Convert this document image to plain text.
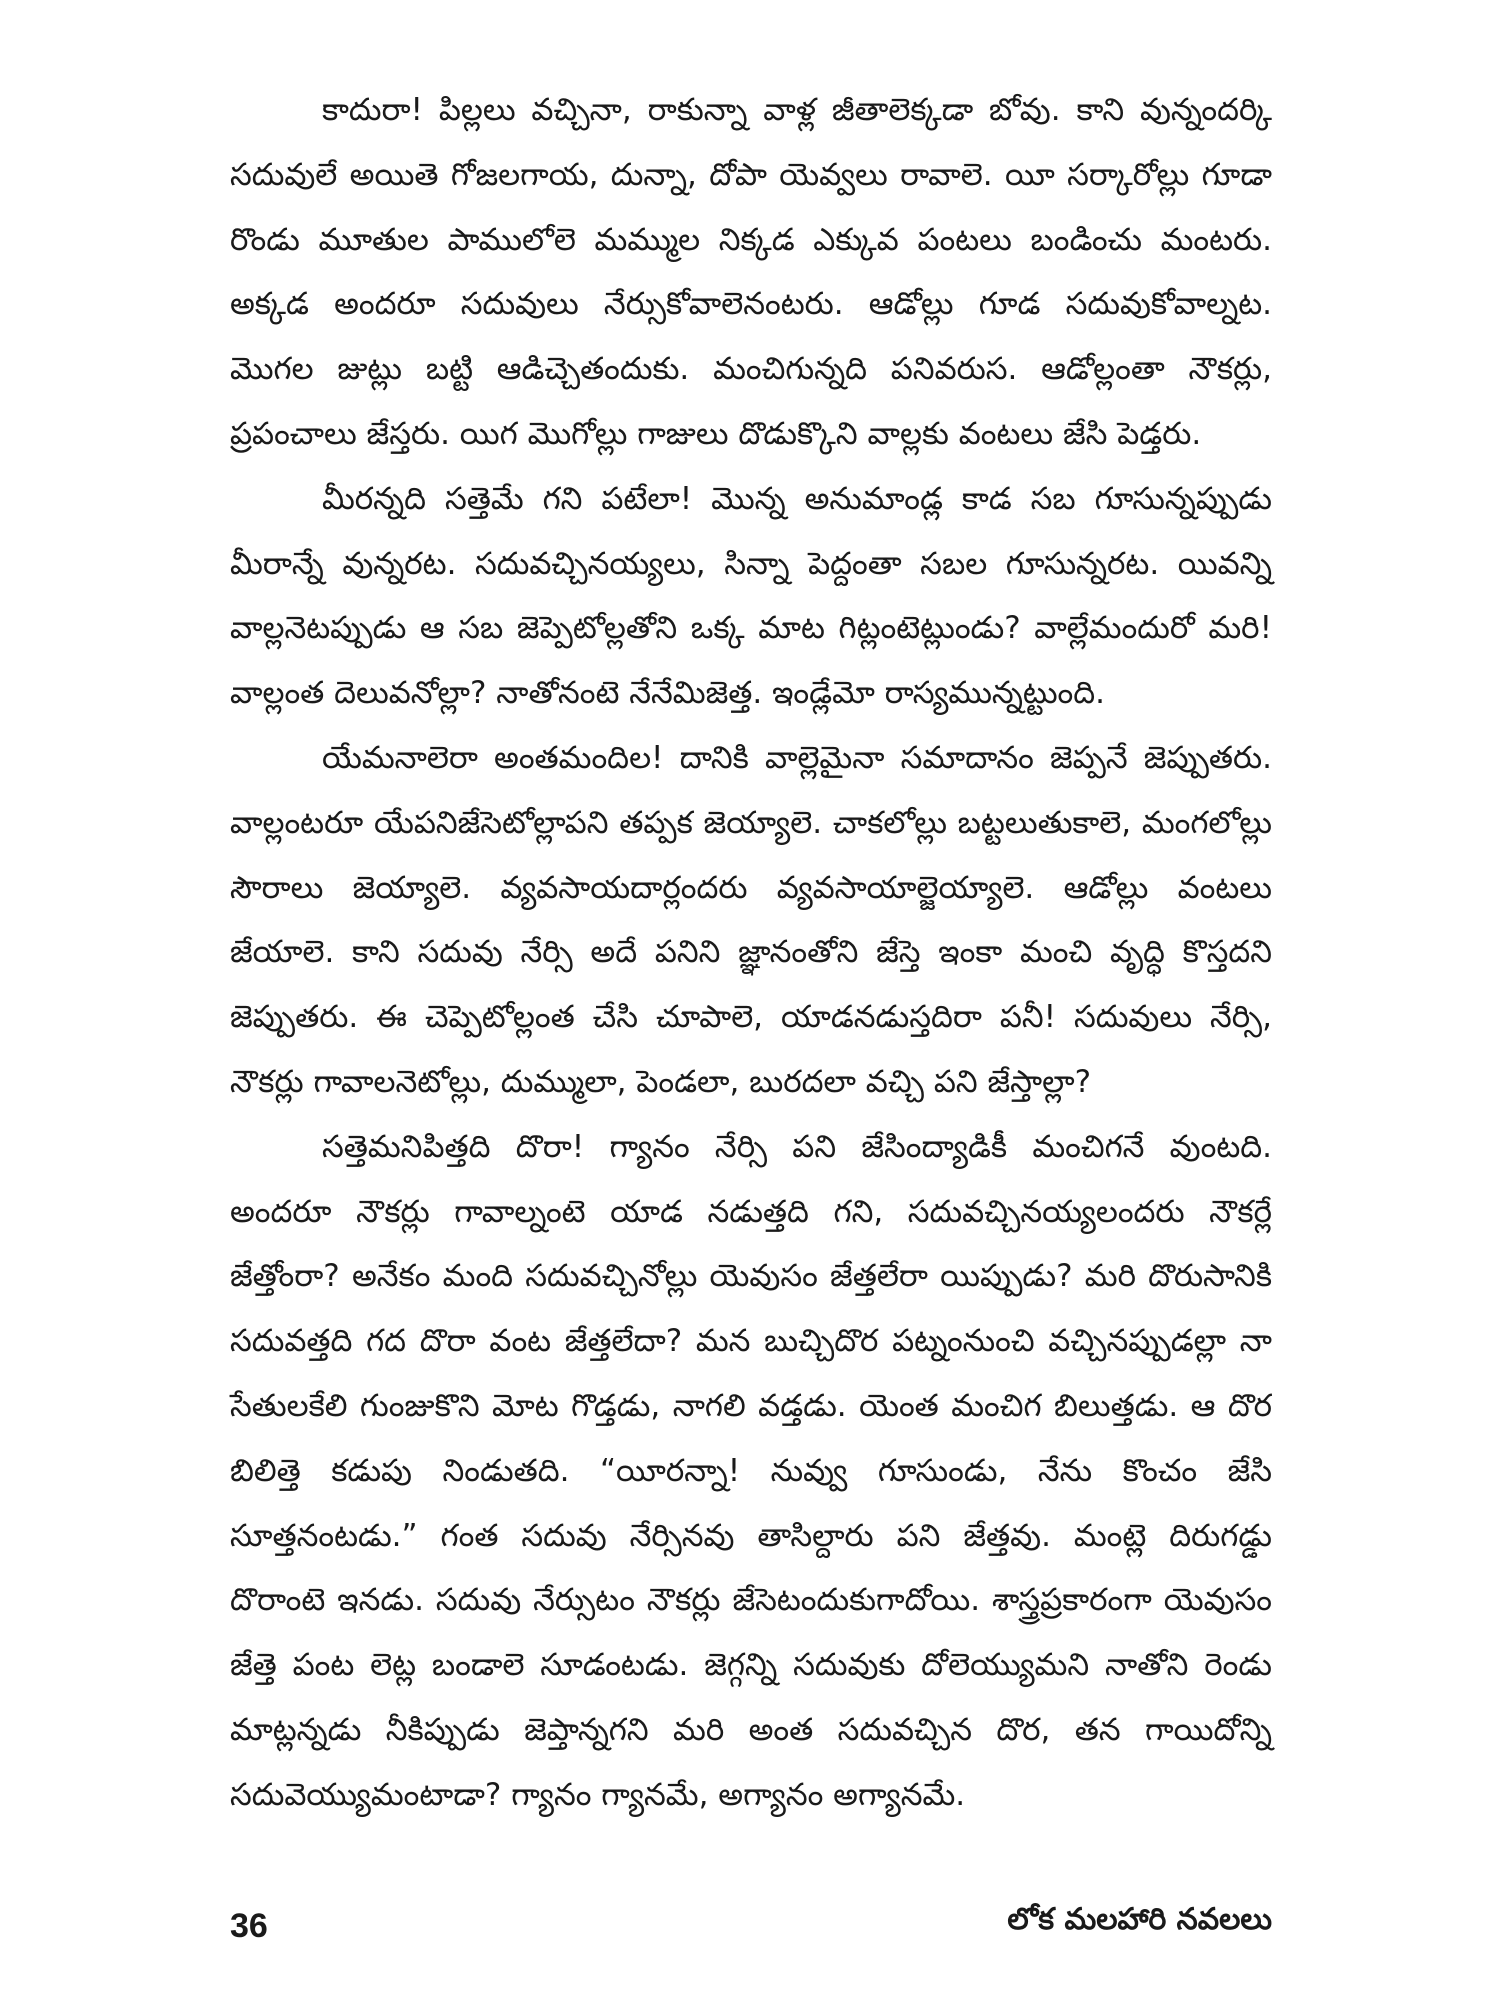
కాదురా! పిల్లలు వచ్చినా, రాకున్నా వాళ్ల జీతాలెక్కడా బోవు. కాని వున్నందర్కి సదువులే అయితె గోజలగాయ, దున్నా, దోపా యెవ్వలు రావాలె. యీ సర్కారోల్లు గూడా రొండు మూతుల పాములోలె మమ్ముల నిక్కడ ఎక్కువ పంటలు బండించు మంటరు. అక్కడ అందరూ సదువులు నేర్సుకోవాలెనంటరు. ఆడోల్లు గూడ సదువుకోవాల్నట. మొగల జుట్లు బట్టి ఆడిచ్చెతందుకు. మంచిగున్నది పనివరుస. ఆడోల్లంతా నౌకర్లు, ప్రపంచాలు జేస్తరు. యిగ మొగోల్లు గాజులు దొడుక్కొని వాల్లకు వంటలు జేసి పెడ్తరు.

మీరన్నది సత్తెమే గని పటేలా! మొన్న అనుమాండ్ల కాడ సబ గూసున్నప్పుడు మీరాన్నే వున్నరట. సదువచ్చినయ్యలు, సిన్నా పెద్దంతా సబల గూసున్నరట. యివన్ని వాల్లనెటప్పుడు ఆ సబ జెప్పెటోల్లతోని ఒక్క మాట గిట్లంటెట్లుండు? వాల్లేమందురో మరి! వాల్లంత దెలువనోల్లా? నాతోనంటె నేనేమిజెత్త. ఇండ్లేమో రాస్యమున్నట్టుంది.

యేమనాలెరా అంతమందిల! దానికి వాల్లెమైనా సమాదానం జెప్పనే జెప్పుతరు. వాల్లంటరూ యేపనిజేసెటోల్లాపని తప్పక జెయ్యాలె. చాకలోల్లు బట్టలుతుకాలె, మంగలోల్లు సౌరాలు జెయ్యాలె. వ్యవసాయదార్లందరు వ్యవసాయాల్జెయ్యాలె. ఆడోల్లు వంటలు జేయాలె. కాని సదువు నేర్సి అదే పనిని జ్ఞానంతోని జేస్తె ఇంకా మంచి వృద్ధి కొస్తదని జెప్పుతరు. ఈ చెప్పెటోల్లంత చేసి చూపాలె, యాడనడుస్తదిరా పనీ! సదువులు నేర్సి, నౌకర్లు గావాలనెటోల్లు, దుమ్ములా, పెండలా, బురదలా వచ్చి పని జేస్తాల్లా?

సత్తెమనిపిత్తది దొరా! గ్యానం నేర్సి పని జేసింద్యాడికీ మంచిగనే వుంటది. అందరూ నౌకర్లు గావాల్నంటె యాడ నడుత్తది గని, సదువచ్చినయ్యలందరు నౌకర్లే జేత్తోంరా? అనేకం మంది సదువచ్చినోల్లు యెవుసం జేత్తలేరా యిప్పుడు? మరి దొరుసానికి సదువత్తది గద దొరా వంట జేత్తలేదా? మన బుచ్చిదొర పట్నంనుంచి వచ్చినప్పుడల్లా నా సేతులకేలి గుంజుకొని మోట గొడ్తడు, నాగలి వడ్తడు. యెంత మంచిగ బిలుత్తడు. ఆ దొర బిలిత్తె కడుపు నిండుతది. “యీరన్నా! నువ్వు గూసుండు, నేను కొంచం జేసి సూత్తనంటడు.” గంత సదువు నేర్సినవు తాసిల్దారు పని జేత్తవు. మంట్లె దిరుగడ్డు దొరాంటె ఇనడు. సదువు నేర్సుటం నౌకర్లు జేసెటందుకుగాదోయి. శాస్త్రప్రకారంగా యెవుసం జేత్తె పంట లెట్ల బండాలె సూడంటడు. జెగ్గన్ని సదువుకు దోలెయ్యుమని నాతోని రెండు మాట్లన్నడు నీకిప్పుడు జెప్తాన్నగని మరి అంత సదువచ్చిన దొర, తన గాయిదోన్ని సదువెయ్యుమంటాడా? గ్యానం గ్యానమే, అగ్యానం అగ్యానమే.

36	లోక మలహారి నవలలు
